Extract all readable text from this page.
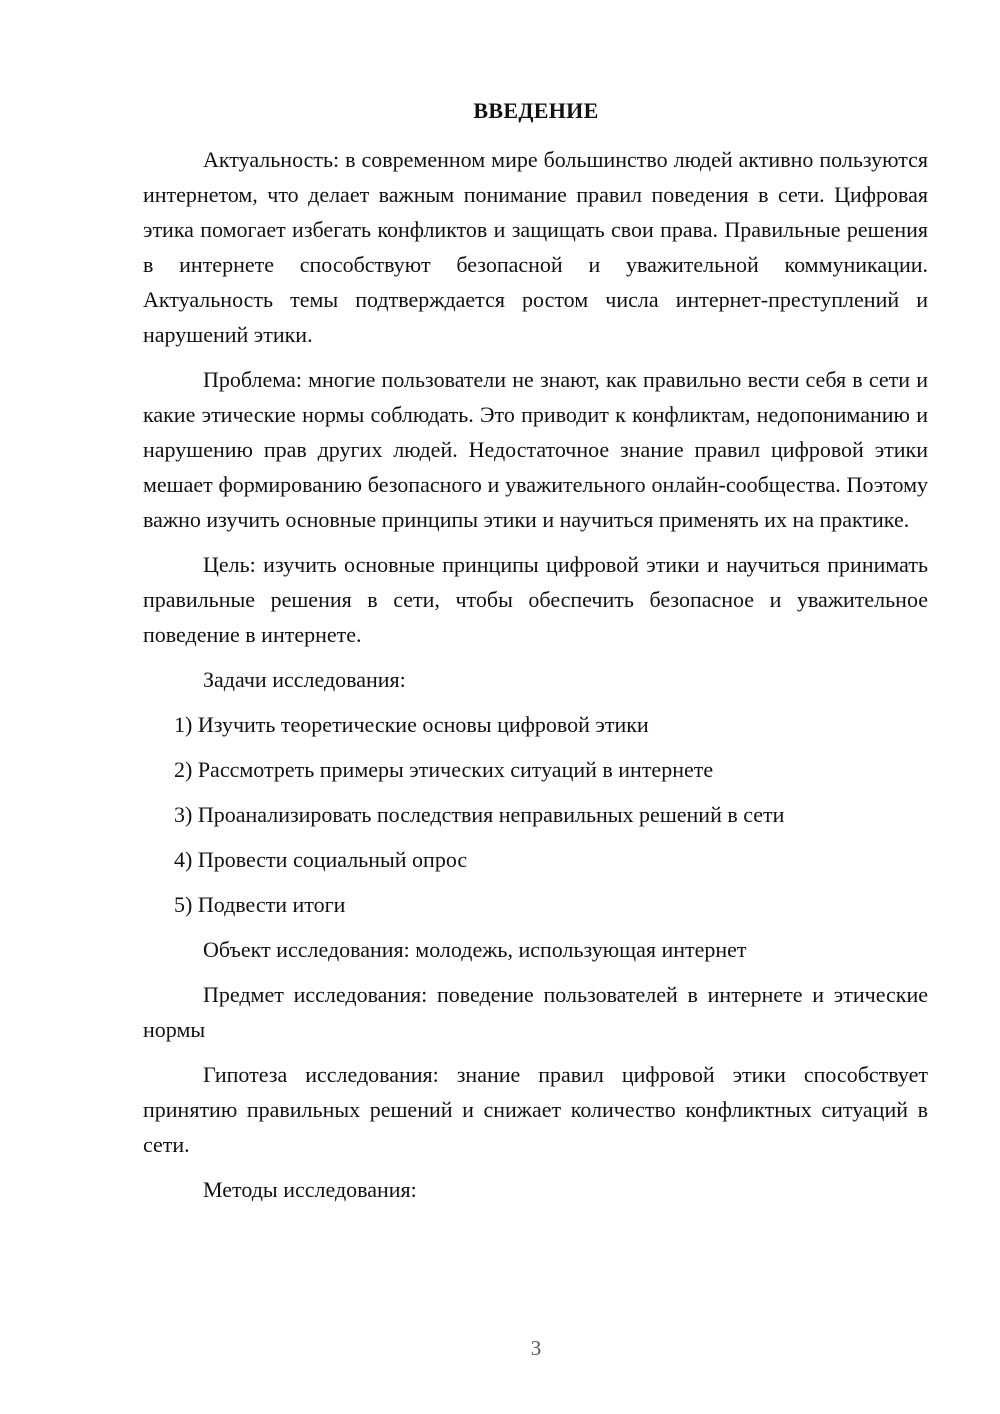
ВВЕДЕНИЕ

Актуальность: в современном мире большинство людей активно пользуются интернетом, что делает важным понимание правил поведения в сети. Цифровая этика помогает избегать конфликтов и защищать свои права. Правильные решения в интернете способствуют безопасной и уважительной коммуникации. Актуальность темы подтверждается ростом числа интернет-преступлений и нарушений этики.

Проблема: многие пользователи не знают, как правильно вести себя в сети и какие этические нормы соблюдать. Это приводит к конфликтам, недопониманию и нарушению прав других людей. Недостаточное знание правил цифровой этики мешает формированию безопасного и уважительного онлайн-сообщества. Поэтому важно изучить основные принципы этики и научиться применять их на практике.

Цель: изучить основные принципы цифровой этики и научиться принимать правильные решения в сети, чтобы обеспечить безопасное и уважительное поведение в интернете.

Задачи исследования:

1) Изучить теоретические основы цифровой этики

2) Рассмотреть примеры этических ситуаций в интернете

3) Проанализировать последствия неправильных решений в сети

4) Провести социальный опрос

5) Подвести итоги

Объект исследования: молодежь, использующая интернет

Предмет исследования: поведение пользователей в интернете и этические нормы

Гипотеза исследования: знание правил цифровой этики способствует принятию правильных решений и снижает количество конфликтных ситуаций в сети.

Методы исследования:

3
